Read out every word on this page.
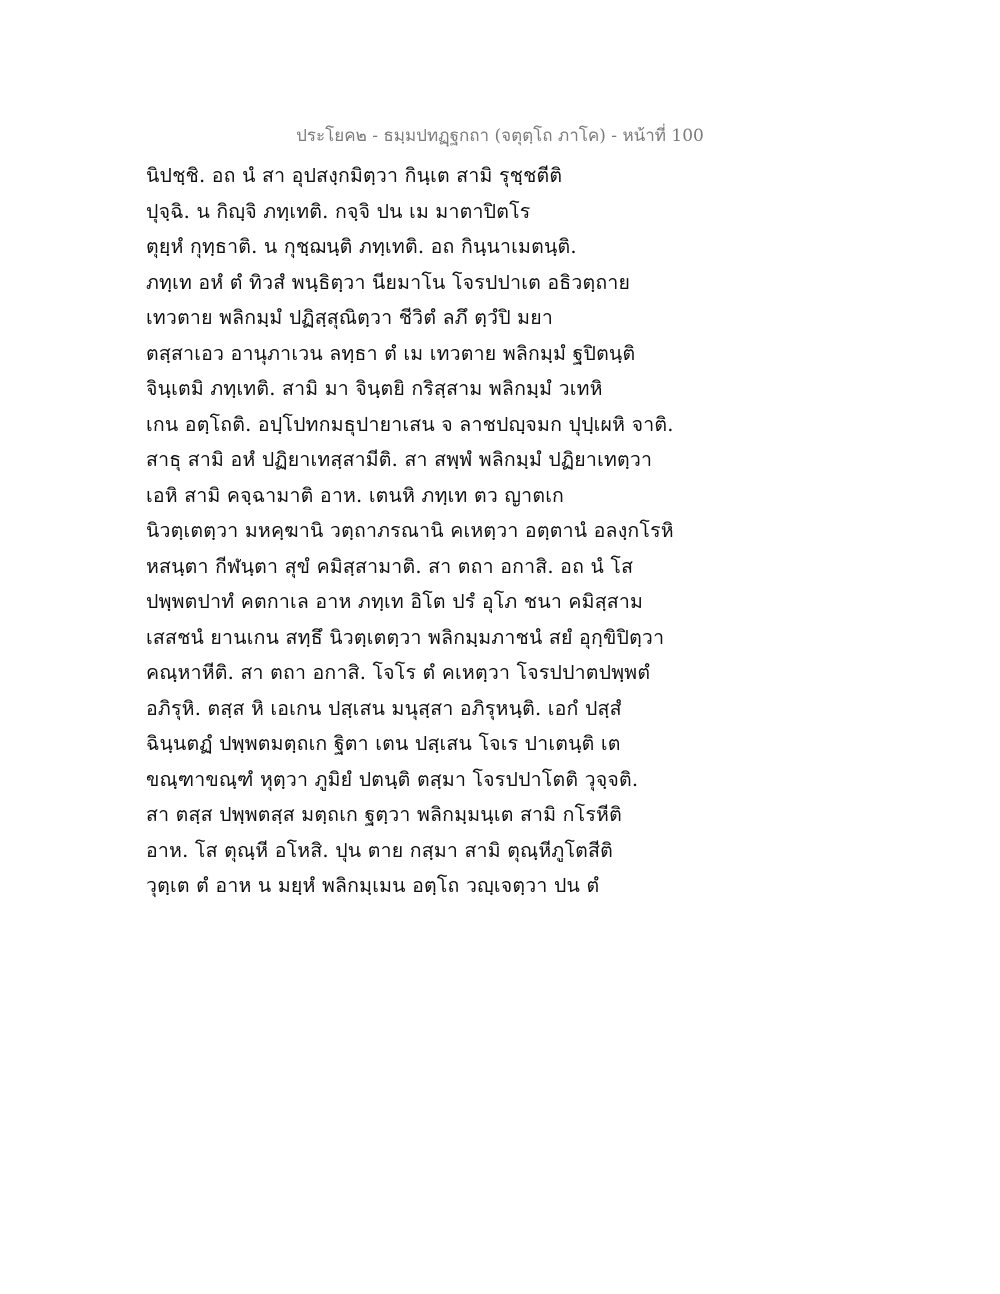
ประโยค๒ - ธมฺมปทฏฺฐกถา (จตุตฺโถ ภาโค) - หน้าที่ 100
นิปชฺชิ. อถ นํ สา อุปสงฺกมิตฺวา กินฺเต สามิ รุชฺชตีติ
ปุจฺฉิ. น กิญฺจิ ภทฺเทติ. กจฺจิ ปน เม มาตาปิตโร
ตุยฺหํ กุทฺธาติ. น กุชฺฌนฺติ ภทฺเทติ. อถ กินฺนาเมตนฺติ.
ภทฺเท อหํ ตํ ทิวสํ พนฺธิตฺวา นียมาโน โจรปปาเต อธิวตฺถาย
เทวตาย พลิกมฺมํ ปฏิสฺสุณิตฺวา ชีวิตํ ลภึ ตฺวํปิ มยา
ตสฺสาเอว อานุภาเวน ลทฺธา ตํ เม เทวตาย พลิกมฺมํ ฐปิตนฺติ
จินฺเตมิ ภทฺเทติ. สามิ มา จินฺตยิ กริสฺสาม พลิกมฺมํ วเทหิ
เกน อตฺโถติ. อปฺโปทกมธุปายาเสน จ ลาชปญฺจมก ปุปฺเผหิ จาติ.
สาธุ สามิ อหํ ปฏิยาเทสฺสามีติ. สา สพฺพํ พลิกมฺมํ ปฏิยาเทตฺวา
เอหิ สามิ คจฺฉามาติ อาห. เตนหิ ภทฺเท ตว ญาตเก
นิวตฺเตตฺวา มหคฺฆานิ วตฺถาภรณานิ คเหตฺวา อตฺตานํ อลงฺกโรหิ
หสนฺตา กีฬนฺตา สุขํ คมิสฺสามาติ. สา ตถา อกาสิ. อถ นํ โส
ปพฺพตปาทํ คตกาเล อาห ภทฺเท อิโต ปรํ อุโภ ชนา คมิสฺสาม
เสสชนํ ยานเกน สทฺธึ นิวตฺเตตฺวา พลิกมฺมภาชนํ สยํ อุกฺขิปิตฺวา
คณฺหาหีติ. สา ตถา อกาสิ. โจโร ตํ คเหตฺวา โจรปปาตปพฺพตํ
อภิรุหิ. ตสฺส หิ เอเกน ปสฺเสน มนุสฺสา อภิรุหนฺติ. เอกํ ปสฺสํ
ฉินฺนตฏํ ปพฺพตมตฺถเก ฐิตา เตน ปสฺเสน โจเร ปาเตนฺติ เต
ขณฺฑาขณฺฑํ หุตฺวา ภูมิยํ ปตนฺติ ตสฺมา โจรปปาโตติ วุจฺจติ.
สา ตสฺส ปพฺพตสฺส มตฺถเก ฐตฺวา พลิกมฺมนฺเต สามิ กโรหีติ
อาห. โส ตุณฺหี อโหสิ. ปุน ตาย กสฺมา สามิ ตุณฺหีภูโตสีติ
วุตฺเต ตํ อาห น มยฺหํ พลิกมฺเมน อตฺโถ วญฺเจตฺวา ปน ตํ
